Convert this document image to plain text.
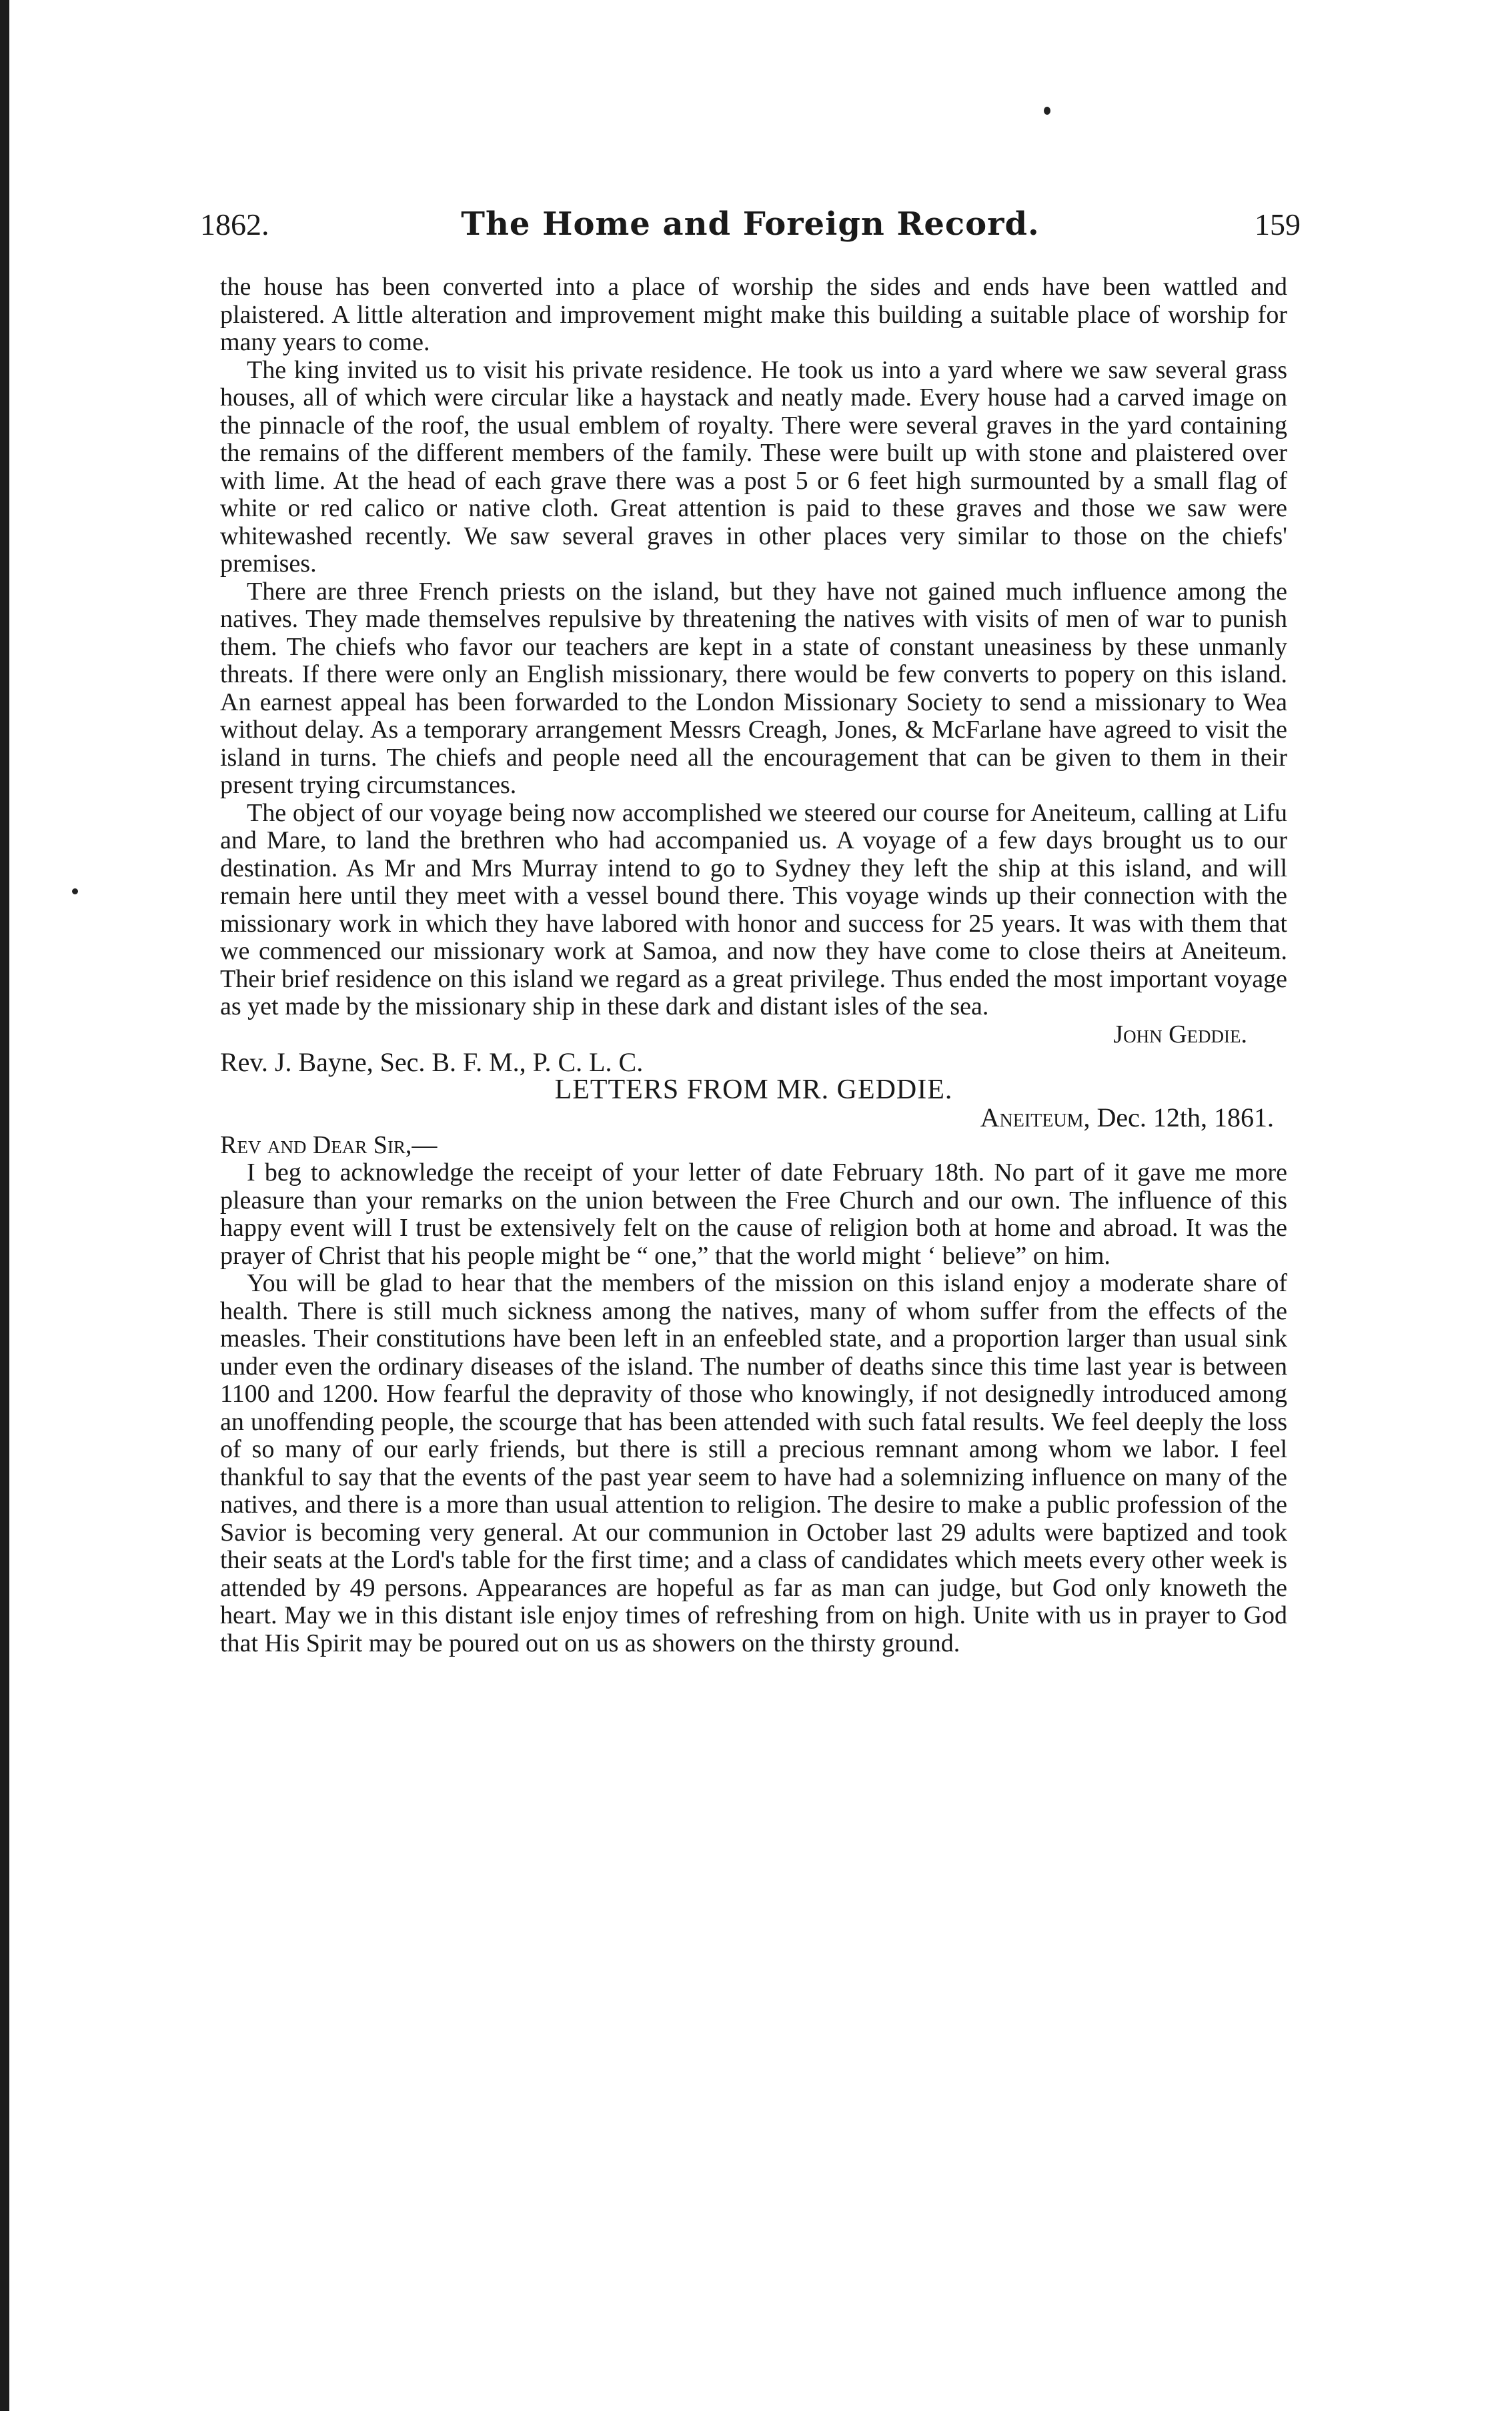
1862.	The Home and Foreign Record.	159

the house has been converted into a place of worship the sides and ends have been wattled and plaistered. A little alteration and improvement might make this building a suitable place of worship for many years to come.

The king invited us to visit his private residence. He took us into a yard where we saw several grass houses, all of which were circular like a haystack and neatly made. Every house had a carved image on the pinnacle of the roof, the usual emblem of royalty. There were several graves in the yard containing the remains of the different members of the family. These were built up with stone and plaistered over with lime. At the head of each grave there was a post 5 or 6 feet high surmounted by a small flag of white or red calico or native cloth. Great attention is paid to these graves and those we saw were whitewashed recently. We saw several graves in other places very similar to those on the chiefs' premises.

There are three French priests on the island, but they have not gained much influence among the natives. They made themselves repulsive by threatening the natives with visits of men of war to punish them. The chiefs who favor our teachers are kept in a state of constant uneasiness by these unmanly threats. If there were only an English missionary, there would be few converts to popery on this island. An earnest appeal has been forwarded to the London Missionary Society to send a missionary to Wea without delay. As a temporary arrangement Messrs Creagh, Jones, & McFarlane have agreed to visit the island in turns. The chiefs and people need all the encouragement that can be given to them in their present trying circumstances.

The object of our voyage being now accomplished we steered our course for Aneiteum, calling at Lifu and Mare, to land the brethren who had accompanied us. A voyage of a few days brought us to our destination. As Mr and Mrs Murray intend to go to Sydney they left the ship at this island, and will remain here until they meet with a vessel bound there. This voyage winds up their connection with the missionary work in which they have labored with honor and success for 25 years. It was with them that we commenced our missionary work at Samoa, and now they have come to close theirs at Aneiteum. Their brief residence on this island we regard as a great privilege. Thus ended the most important voyage as yet made by the missionary ship in these dark and distant isles of the sea.

John Geddie.

Rev. J. Bayne, Sec. B. F. M., P. C. L. C.

LETTERS FROM MR. GEDDIE.

Aneiteum, Dec. 12th, 1861.

Rev and Dear Sir,—

I beg to acknowledge the receipt of your letter of date February 18th. No part of it gave me more pleasure than your remarks on the union between the Free Church and our own. The influence of this happy event will I trust be extensively felt on the cause of religion both at home and abroad. It was the prayer of Christ that his people might be “ one,” that the world might ‘ believe” on him.

You will be glad to hear that the members of the mission on this island enjoy a moderate share of health. There is still much sickness among the natives, many of whom suffer from the effects of the measles. Their constitutions have been left in an enfeebled state, and a proportion larger than usual sink under even the ordinary diseases of the island. The number of deaths since this time last year is between 1100 and 1200. How fearful the depravity of those who knowingly, if not designedly introduced among an unoffending people, the scourge that has been attended with such fatal results. We feel deeply the loss of so many of our early friends, but there is still a precious remnant among whom we labor. I feel thankful to say that the events of the past year seem to have had a solemnizing influence on many of the natives, and there is a more than usual attention to religion. The desire to make a public profession of the Savior is becoming very general. At our communion in October last 29 adults were baptized and took their seats at the Lord's table for the first time; and a class of candidates which meets every other week is attended by 49 persons. Appearances are hopeful as far as man can judge, but God only knoweth the heart. May we in this distant isle enjoy times of refreshing from on high. Unite with us in prayer to God that His Spirit may be poured out on us as showers on the thirsty ground.
